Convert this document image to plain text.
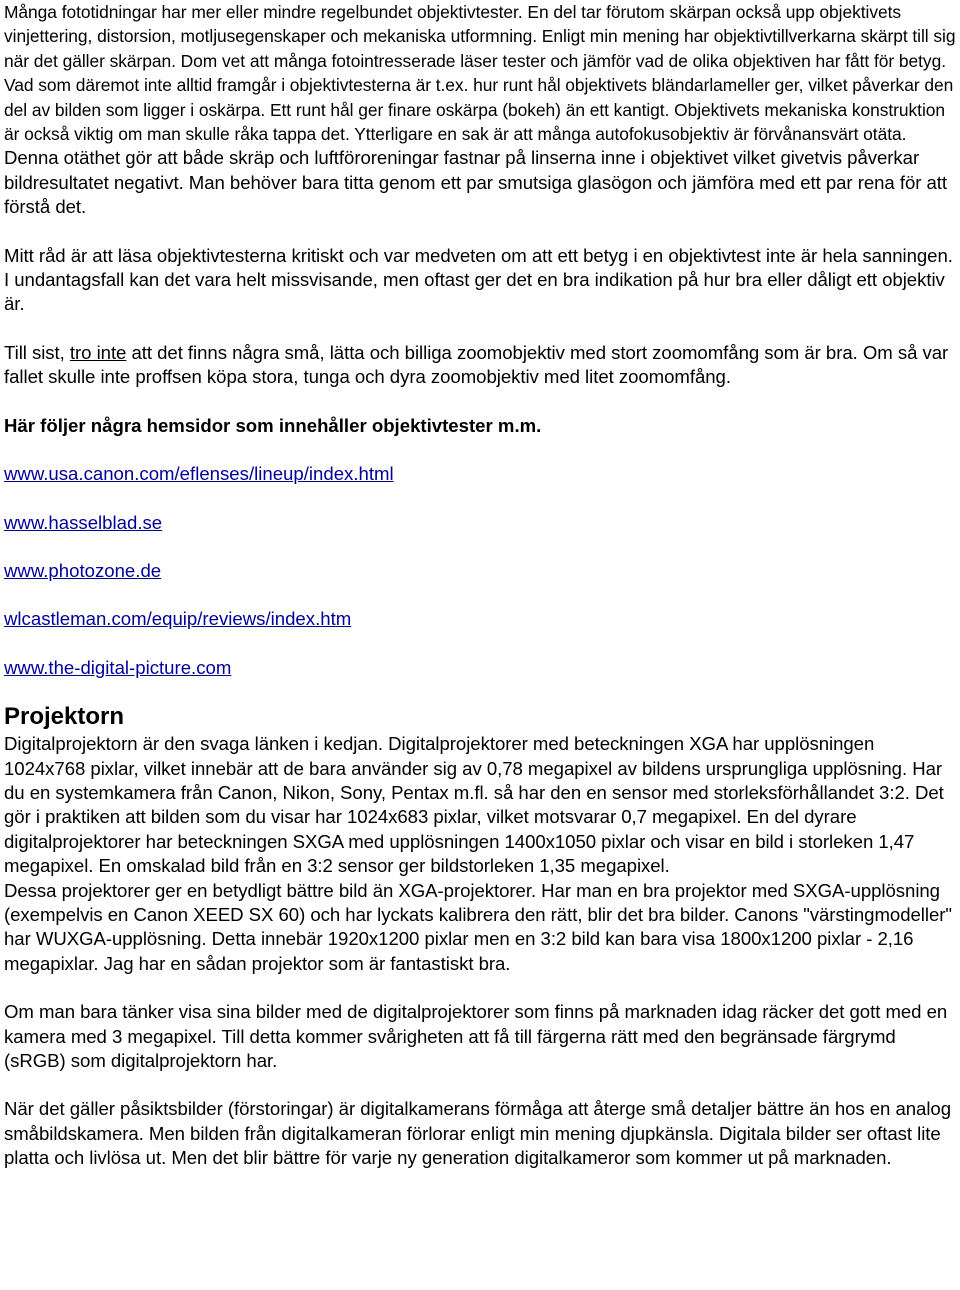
Många fototidningar har mer eller mindre regelbundet objektivtester. En del tar förutom skärpan också upp objektivets vinjettering, distorsion, motljusegenskaper och mekaniska utformning. Enligt min mening har objektivtillverkarna skärpt till sig när det gäller skärpan. Dom vet att många fotointresserade läser tester och jämför vad de olika objektiven har fått för betyg. Vad som däremot inte alltid framgår i objektivtesterna är t.ex. hur runt hål objektivets bländarlameller ger, vilket påverkar den del av bilden som ligger i oskärpa. Ett runt hål ger finare oskärpa (bokeh) än ett kantigt. Objektivets mekaniska konstruktion är också viktig om man skulle råka tappa det. Ytterligare en sak är att många autofokusobjektiv är förvånansvärt otäta. Denna otäthet gör att både skräp och luftföroreningar fastnar på linserna inne i objektivet vilket givetvis påverkar bildresultatet negativt. Man behöver bara titta genom ett par smutsiga glasögon och jämföra med ett par rena för att förstå det.

Mitt råd är att läsa objektivtesterna kritiskt och var medveten om att ett betyg i en objektivtest inte är hela sanningen. I undantagsfall kan det vara helt missvisande, men oftast ger det en bra indikation på hur bra eller dåligt ett objektiv är.

Till sist, tro inte att det finns några små, lätta och billiga zoomobjektiv med stort zoomomfång som är bra. Om så var fallet skulle inte proffsen köpa stora, tunga och dyra zoomobjektiv med litet zoomomfång.

Här följer några hemsidor som innehåller objektivtester m.m.

www.usa.canon.com/eflenses/lineup/index.html

www.hasselblad.se

www.photozone.de

wlcastleman.com/equip/reviews/index.htm

www.the-digital-picture.com

Projektorn

Digitalprojektorn är den svaga länken i kedjan. Digitalprojektorer med beteckningen XGA har upplösningen 1024x768 pixlar, vilket innebär att de bara använder sig av 0,78 megapixel av bildens ursprungliga upplösning. Har du en systemkamera från Canon, Nikon, Sony, Pentax m.fl. så har den en sensor med storleksförhållandet 3:2. Det gör i praktiken att bilden som du visar har 1024x683 pixlar, vilket motsvarar 0,7 megapixel. En del dyrare digitalprojektorer har beteckningen SXGA med upplösningen 1400x1050 pixlar och visar en bild i storleken 1,47 megapixel. En omskalad bild från en 3:2 sensor ger bildstorleken 1,35 megapixel.

Dessa projektorer ger en betydligt bättre bild än XGA-projektorer. Har man en bra projektor med SXGA-upplösning (exempelvis en Canon XEED SX 60) och har lyckats kalibrera den rätt, blir det bra bilder. Canons "värstingmodeller" har WUXGA-upplösning. Detta innebär 1920x1200 pixlar men en 3:2 bild kan bara visa 1800x1200 pixlar - 2,16 megapixlar. Jag har en sådan projektor som är fantastiskt bra.

Om man bara tänker visa sina bilder med de digitalprojektorer som finns på marknaden idag räcker det gott med en kamera med 3 megapixel. Till detta kommer svårigheten att få till färgerna rätt med den begränsade färgrymd (sRGB) som digitalprojektorn har.

När det gäller påsiktsbilder (förstoringar) är digitalkamerans förmåga att återge små detaljer bättre än hos en analog småbildskamera. Men bilden från digitalkameran förlorar enligt min mening djupkänsla. Digitala bilder ser oftast lite platta och livlösa ut. Men det blir bättre för varje ny generation digitalkameror som kommer ut på marknaden.
